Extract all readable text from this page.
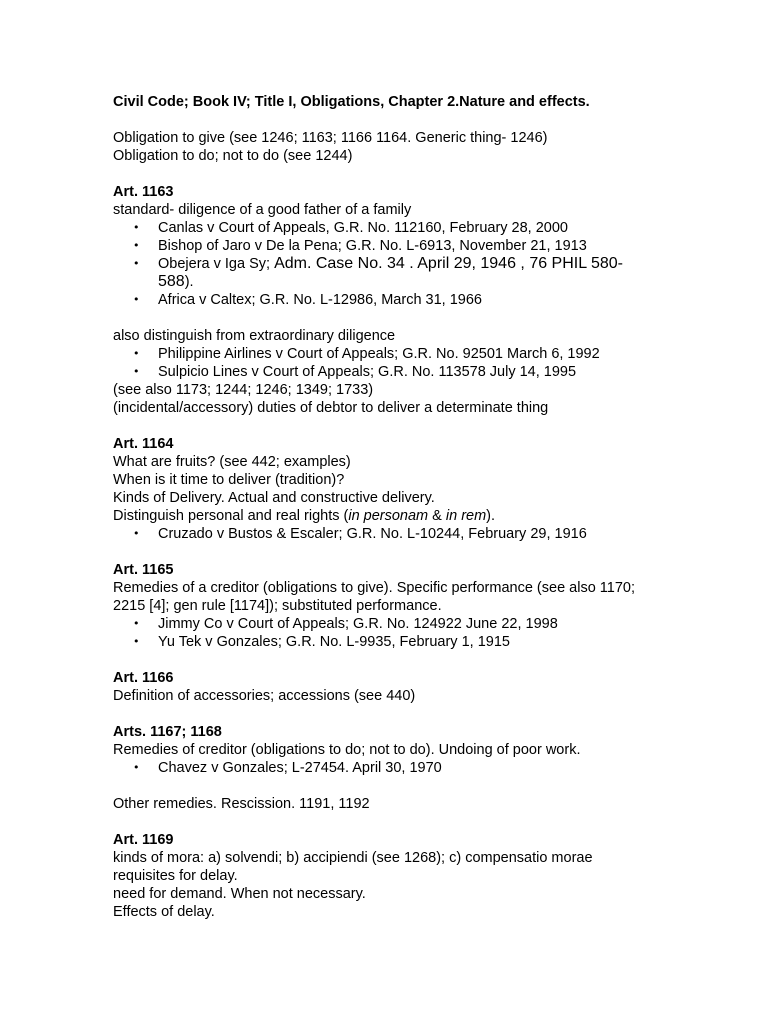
Civil Code; Book IV; Title I, Obligations, Chapter 2.Nature and effects.

Obligation to give (see 1246; 1163; 1166 1164. Generic thing- 1246)

Obligation to do; not to do (see 1244)

Art. 1163

standard- diligence of a good father of a family

•	Canlas v Court of Appeals, G.R. No. 112160, February 28, 2000
•	Bishop of Jaro v De la Pena; G.R. No. L-6913, November 21, 1913
•	Obejera v Iga Sy; Adm. Case No. 34 . April 29, 1946 , 76 PHIL 580-588).
•	Africa v Caltex; G.R. No. L-12986, March 31, 1966

also distinguish from extraordinary diligence

•	Philippine Airlines v Court of Appeals; G.R. No. 92501 March 6, 1992
•	Sulpicio Lines v Court of Appeals; G.R. No. 113578 July 14, 1995

(see also 1173; 1244; 1246; 1349; 1733)

(incidental/accessory) duties of debtor to deliver a determinate thing

Art. 1164

What are fruits? (see 442; examples)

When is it time to deliver (tradition)?

Kinds of Delivery. Actual and constructive delivery.

Distinguish personal and real rights (in personam & in rem).

•	Cruzado v Bustos & Escaler; G.R. No. L-10244, February 29, 1916

Art. 1165

Remedies of a creditor (obligations to give). Specific performance (see also 1170; 2215 [4]; gen rule [1174]); substituted performance.

•	Jimmy Co v Court of Appeals; G.R. No. 124922 June 22, 1998
•	Yu Tek v Gonzales; G.R. No. L-9935, February 1, 1915

Art. 1166

Definition of accessories; accessions (see 440)

Arts. 1167; 1168

Remedies of creditor (obligations to do; not to do). Undoing of poor work.

•	Chavez v Gonzales; L-27454. April 30, 1970

Other remedies. Rescission. 1191, 1192

Art. 1169

kinds of mora: a) solvendi; b) accipiendi (see 1268); c) compensatio morae

requisites for delay.

need for demand. When not necessary.

Effects of delay.
